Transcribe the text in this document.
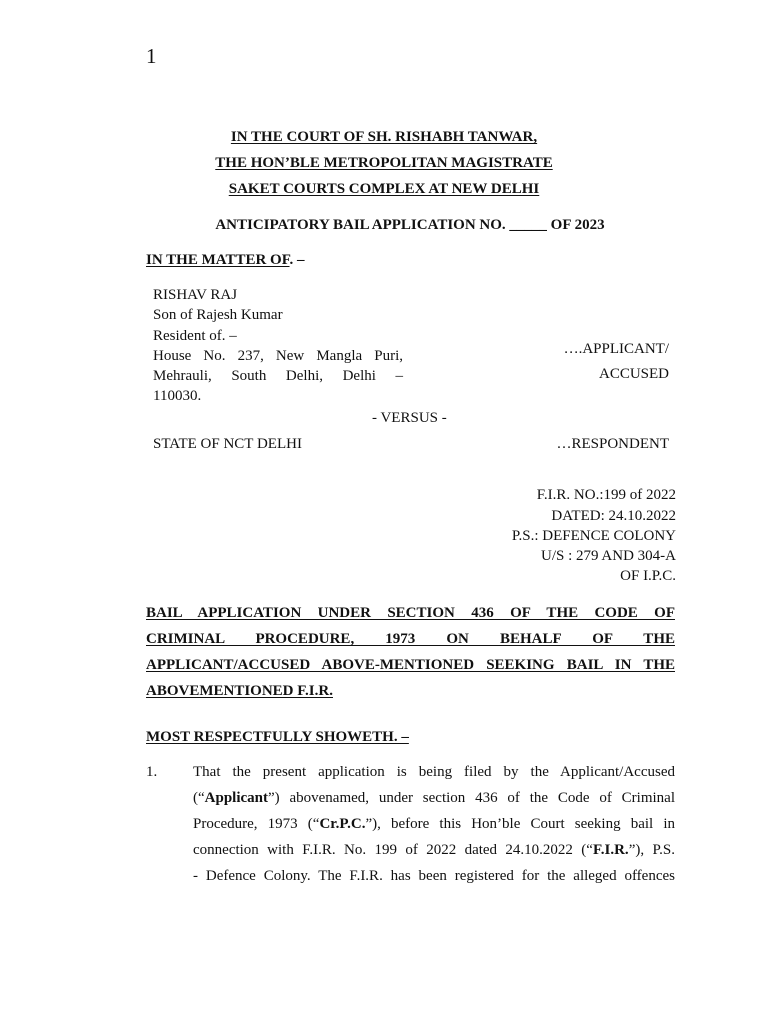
1
IN THE COURT OF SH. RISHABH TANWAR,
THE HON’BLE METROPOLITAN MAGISTRATE
SAKET COURTS COMPLEX AT NEW DELHI
ANTICIPATORY BAIL APPLICATION NO. _____ OF 2023
IN THE MATTER OF. –
RISHAV RAJ
Son of Rajesh Kumar
Resident of. –
House No. 237, New Mangla Puri,
Mehrauli, South Delhi, Delhi –
110030.
….APPLICANT/
ACCUSED
- VERSUS -
STATE OF NCT DELHI	…RESPONDENT
F.I.R. NO.:199 of 2022
DATED: 24.10.2022
P.S.: DEFENCE COLONY
U/S : 279 AND 304-A
OF I.P.C.
BAIL APPLICATION UNDER SECTION 436 OF THE CODE OF
CRIMINAL PROCEDURE, 1973 ON BEHALF OF THE
APPLICANT/ACCUSED ABOVE-MENTIONED SEEKING BAIL IN THE
ABOVEMENTIONED F.I.R.
MOST RESPECTFULLY SHOWETH. –
1. That the present application is being filed by the Applicant/Accused
(“Applicant”) abovenamed, under section 436 of the Code of Criminal
Procedure, 1973 (“Cr.P.C.”), before this Hon’ble Court seeking bail in
connection with F.I.R. No. 199 of 2022 dated 24.10.2022 (“F.I.R.”), P.S.
- Defence Colony. The F.I.R. has been registered for the alleged offences
